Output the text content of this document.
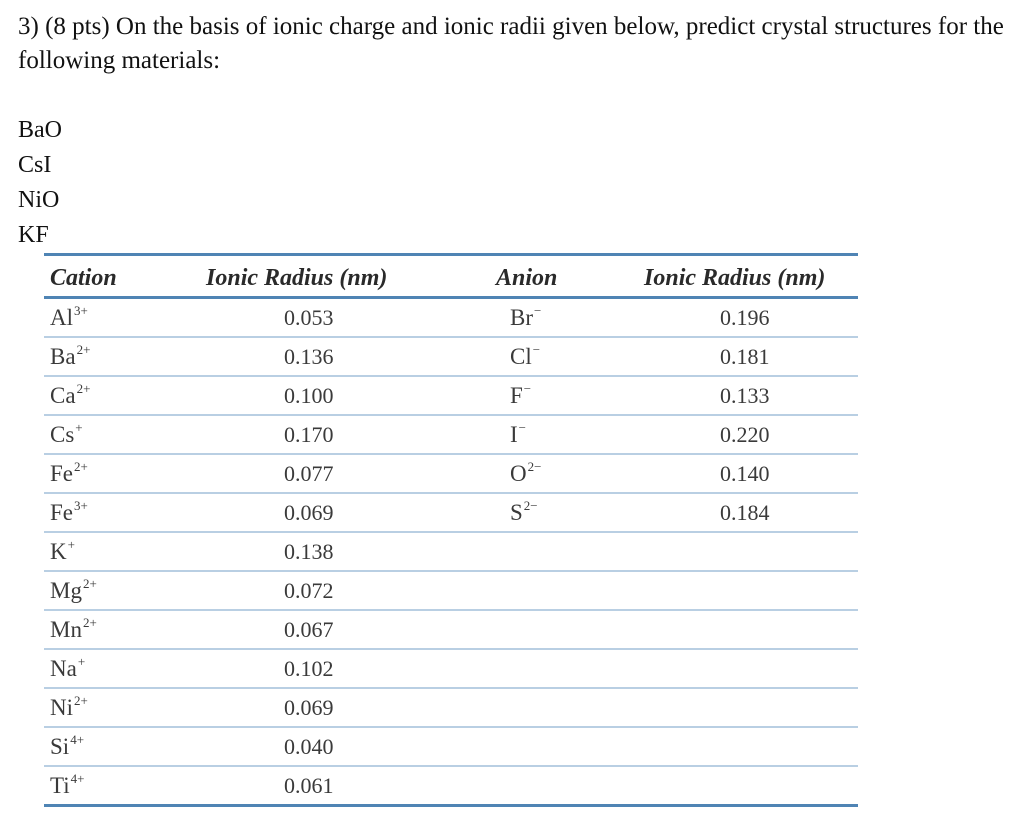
3) (8 pts) On the basis of ionic charge and ionic radii given below, predict crystal structures for the following materials:
BaO
CsI
NiO
KF
Cation	Ionic Radius (nm)	Anion	Ionic Radius (nm)
$Al^{3+}$	0.053	Br−	0.196
$Ba^{2+}$	0.136	Cl−	0.181
$Ca^{2+}$	0.100	F−	0.133
Cs+	0.170	I−	0.220
$Fe^{2+}$	0.077	$O^{2-}$	0.140
$Fe^{3+}$	0.069	$S^{2-}$	0.184
K+	0.138
$Mg^{2+}$	0.072
$Mn^{2+}$	0.067
Na+	0.102
$Ni^{2+}$	0.069
$Si^{4+}$	0.040
$Ti^{4+}$	0.061
